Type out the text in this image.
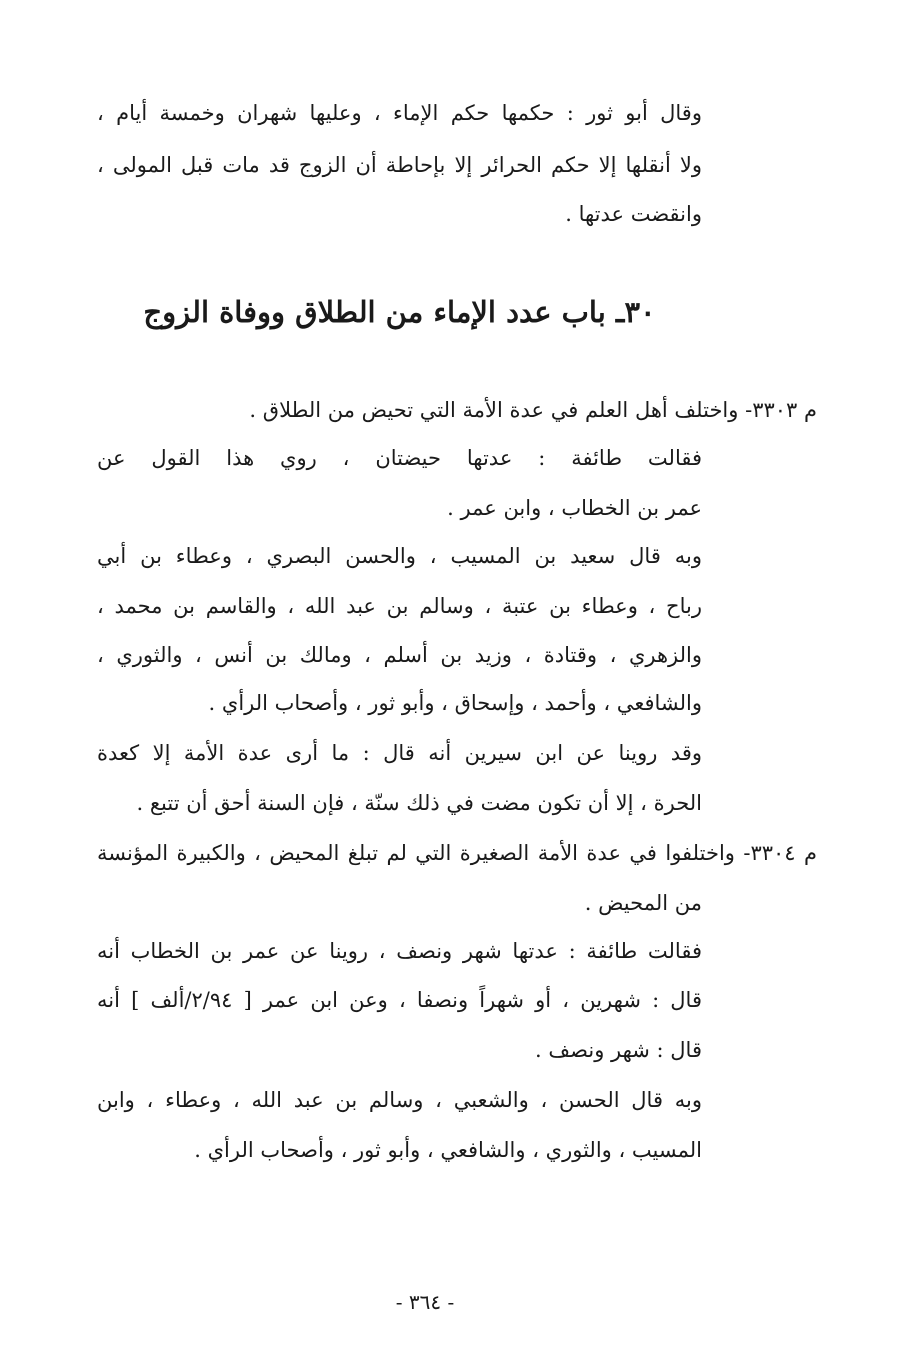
وقال أبو ثور : حكمها حكم الإماء ، وعليها شهران وخمسة أيام ،
ولا أنقلها إلا حكم الحرائر إلا بإحاطة أن الزوج قد مات قبل المولى ،
وانقضت عدتها .
٣٠ـ باب عدد الإماء من الطلاق ووفاة الزوج
م ٣٣٠٣- واختلف أهل العلم في عدة الأمة التي تحيض من الطلاق .
فقالت طائفة : عدتها حيضتان ، روي هذا القول عن
عمر بن الخطاب ، وابن عمر .
وبه قال سعيد بن المسيب ، والحسن البصري ، وعطاء بن أبي
رباح ، وعطاء بن عتبة ، وسالم بن عبد الله ، والقاسم بن محمد ،
والزهري ، وقتادة ، وزيد بن أسلم ، ومالك بن أنس ، والثوري ،
والشافعي ، وأحمد ، وإسحاق ، وأبو ثور ، وأصحاب الرأي .
وقد روينا عن ابن سيرين أنه قال : ما أرى عدة الأمة إلا كعدة
الحرة ، إلا أن تكون مضت في ذلك سنّة ، فإن السنة أحق أن تتبع .
م ٣٣٠٤- واختلفوا في عدة الأمة الصغيرة التي لم تبلغ المحيض ، والكبيرة المؤنسة
من المحيض .
فقالت طائفة : عدتها شهر ونصف ، روينا عن عمر بن الخطاب أنه
قال : شهرين ، أو شهراً ونصفا ، وعن ابن عمر [ ٢/٩٤/ألف ] أنه
قال : شهر ونصف .
وبه قال الحسن ، والشعبي ، وسالم بن عبد الله ، وعطاء ، وابن
المسيب ، والثوري ، والشافعي ، وأبو ثور ، وأصحاب الرأي .
- ٣٦٤ -
